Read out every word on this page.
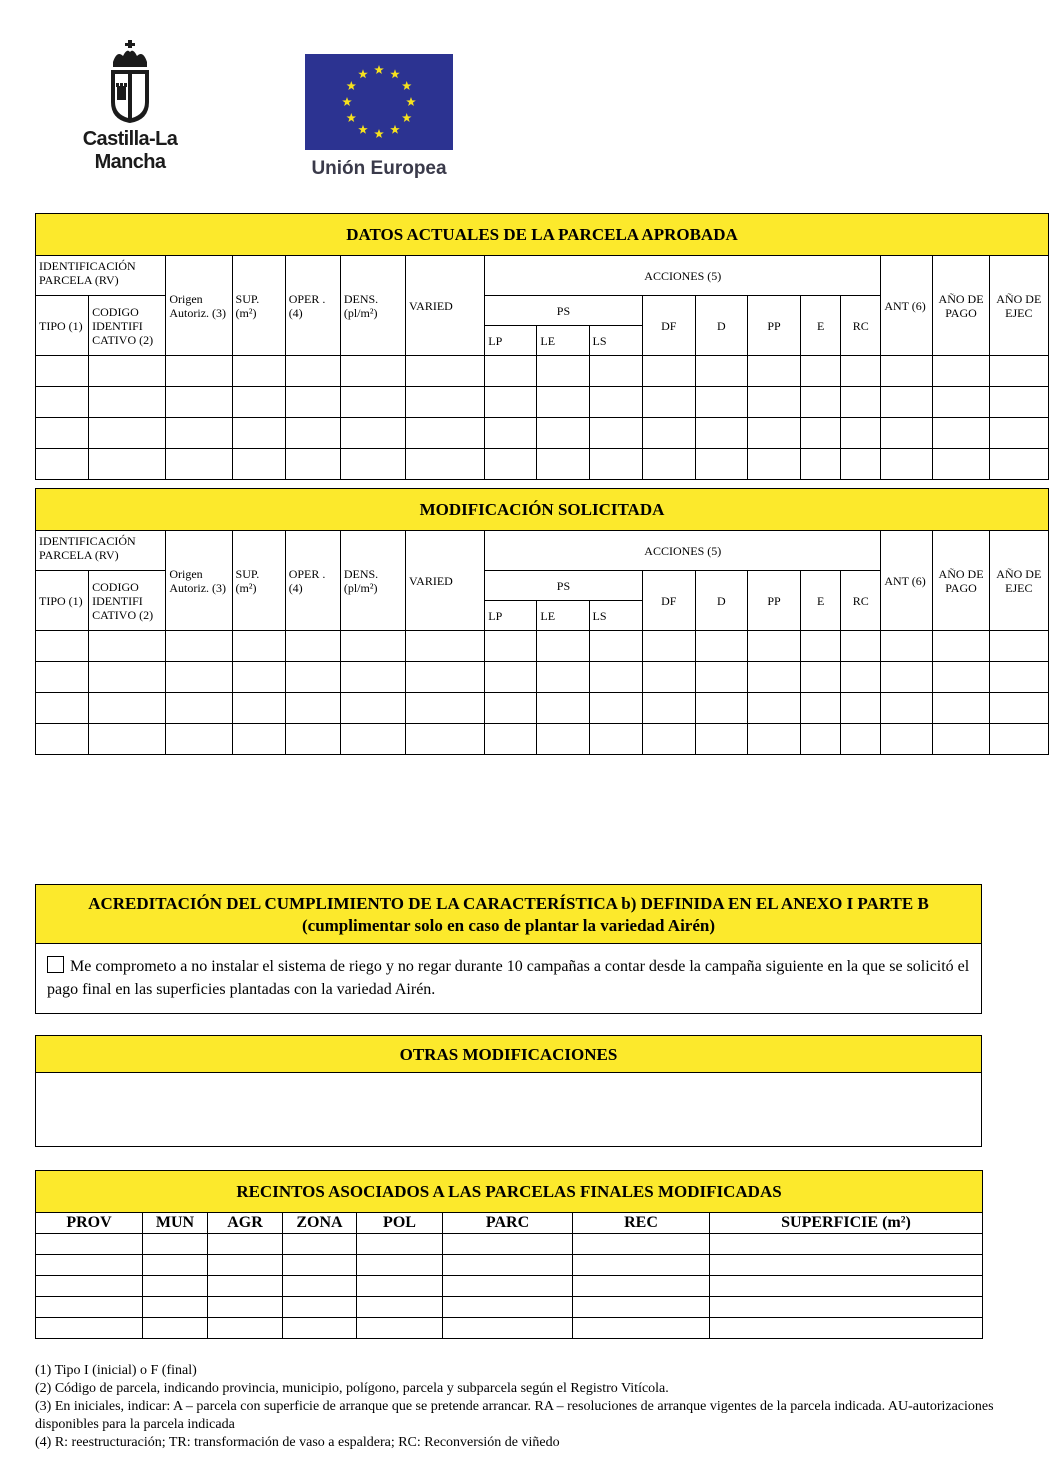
Castilla-La Mancha	Unión Europea
DATOS ACTUALES DE LA PARCELA APROBADA																	
IDENTIFICACIÓN PARCELA (RV)		Origen Autoriz. (3)	SUP. (m²)	OPER . (4)	DENS. (pl/m²)	VARIED	ACCIONES (5)								ANT (6)	AÑO DE PAGO	AÑO DE EJEC
TIPO (1)	CODIGO IDENTIFI CATIVO (2)						PS			DF	D	PP	E	RC			
							LP	LE	LS								

MODIFICACIÓN SOLICITADA																	
IDENTIFICACIÓN PARCELA (RV)		Origen Autoriz. (3)	SUP. (m²)	OPER . (4)	DENS. (pl/m²)	VARIED	ACCIONES (5)								ANT (6)	AÑO DE PAGO	AÑO DE EJEC
TIPO (1)	CODIGO IDENTIFI CATIVO (2)						PS			DF	D	PP	E	RC			
							LP	LE	LS								

ACREDITACIÓN DEL CUMPLIMIENTO DE LA CARACTERÍSTICA b) DEFINIDA EN EL ANEXO I PARTE B (cumplimentar solo en caso de plantar la variedad Airén)
Me comprometo a no instalar el sistema de riego y no regar durante 10 campañas a contar desde la campaña siguiente en la que se solicitó el pago final en las superficies plantadas con la variedad Airén.
OTRAS MODIFICACIONES
RECINTOS ASOCIADOS A LAS PARCELAS FINALES MODIFICADAS							
PROV	MUN	AGR	ZONA	POL	PARC	REC	SUPERFICIE (m²)

(1) Tipo I (inicial) o F (final)
(2) Código de parcela, indicando provincia, municipio, polígono, parcela y subparcela según el Registro Vitícola.
(3) En iniciales, indicar: A – parcela con superficie de arranque que se pretende arrancar. RA – resoluciones de arranque vigentes de la parcela indicada. AU-autorizaciones disponibles para la parcela indicada
(4) R: reestructuración; TR: transformación de vaso a espaldera; RC: Reconversión de viñedo
